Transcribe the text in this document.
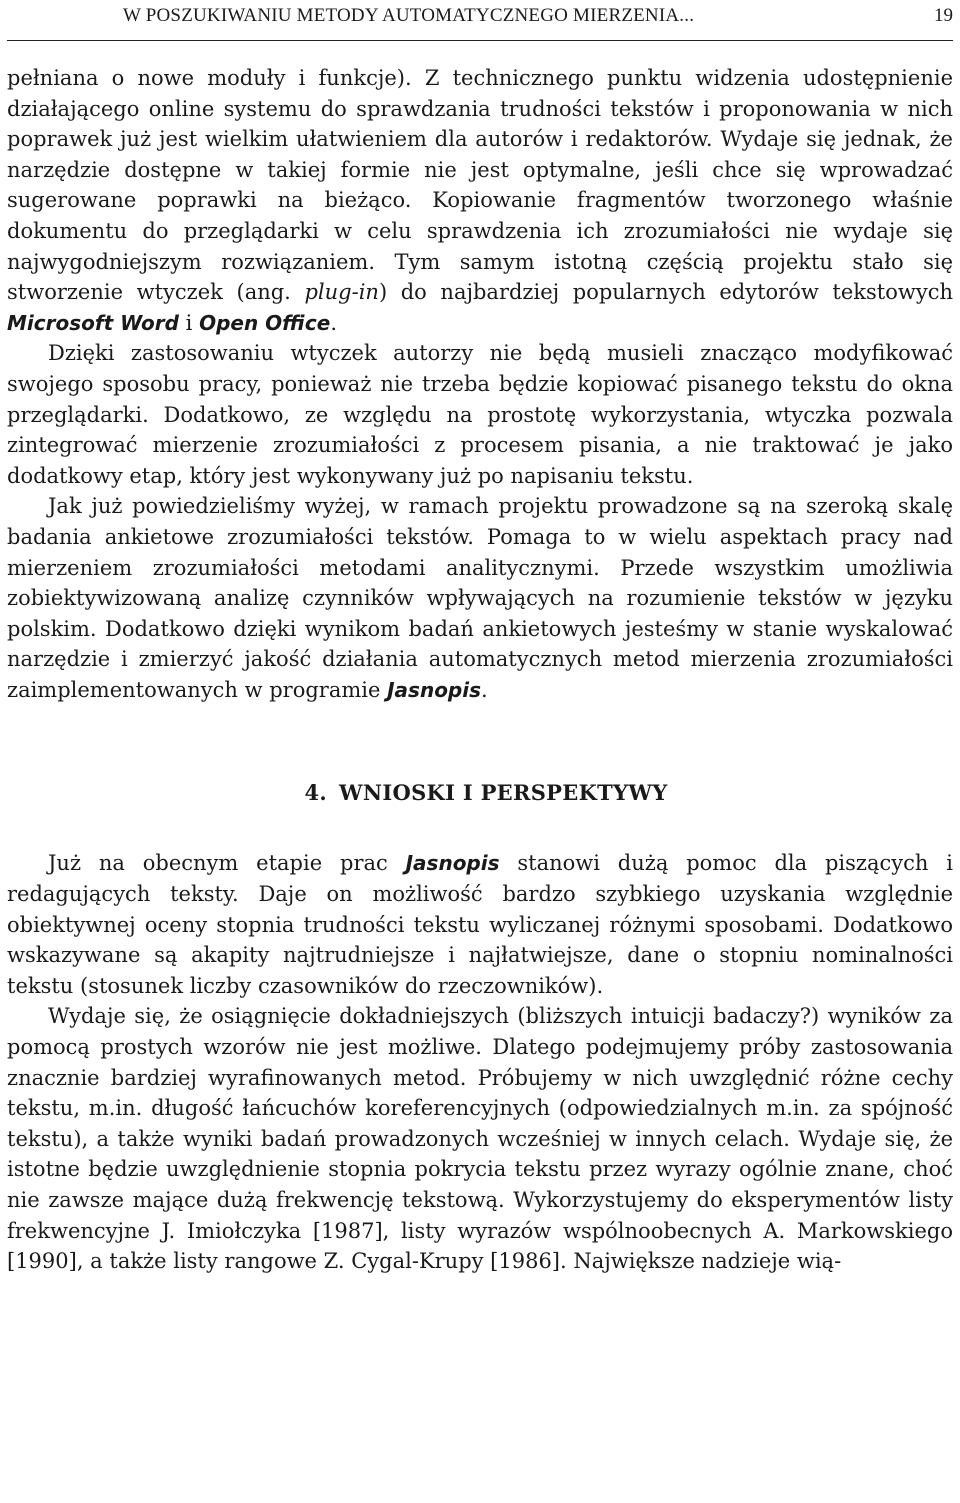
W POSZUKIWANIU METODY AUTOMATYCZNEGO MIERZENIA...	19

pełniana o nowe moduły i funkcje). Z technicznego punktu widzenia udostępnienie działającego online systemu do sprawdzania trudności tekstów i proponowania w nich poprawek już jest wielkim ułatwieniem dla autorów i redaktorów. Wydaje się jednak, że narzędzie dostępne w takiej formie nie jest optymalne, jeśli chce się wprowadzać sugerowane poprawki na bieżąco. Kopiowanie fragmentów tworzonego właśnie dokumentu do przeglądarki w celu sprawdzenia ich zrozumiałości nie wydaje się najwygodniejszym rozwiązaniem. Tym samym istotną częścią projektu stało się stworzenie wtyczek (ang. plug-in) do najbardziej popularnych edytorów tekstowych Microsoft Word i Open Office.

Dzięki zastosowaniu wtyczek autorzy nie będą musieli znacząco modyfikować swojego sposobu pracy, ponieważ nie trzeba będzie kopiować pisanego tekstu do okna przeglądarki. Dodatkowo, ze względu na prostotę wykorzystania, wtyczka pozwala zintegrować mierzenie zrozumiałości z procesem pisania, a nie traktować je jako dodatkowy etap, który jest wykonywany już po napisaniu tekstu.

Jak już powiedzieliśmy wyżej, w ramach projektu prowadzone są na szeroką skalę badania ankietowe zrozumiałości tekstów. Pomaga to w wielu aspektach pracy nad mierzeniem zrozumiałości metodami analitycznymi. Przede wszystkim umożliwia zobiektywizowaną analizę czynników wpływających na rozumienie tekstów w języku polskim. Dodatkowo dzięki wynikom badań ankietowych jesteśmy w stanie wyskalować narzędzie i zmierzyć jakość działania automatycznych metod mierzenia zrozumiałości zaimplementowanych w programie Jasnopis.

4. WNIOSKI I PERSPEKTYWY

Już na obecnym etapie prac Jasnopis stanowi dużą pomoc dla piszących i redagujących teksty. Daje on możliwość bardzo szybkiego uzyskania względnie obiektywnej oceny stopnia trudności tekstu wyliczanej różnymi sposobami. Dodatkowo wskazywane są akapity najtrudniejsze i najłatwiejsze, dane o stopniu nominalności tekstu (stosunek liczby czasowników do rzeczowników).

Wydaje się, że osiągnięcie dokładniejszych (bliższych intuicji badaczy?) wyników za pomocą prostych wzorów nie jest możliwe. Dlatego podejmujemy próby zastosowania znacznie bardziej wyrafinowanych metod. Próbujemy w nich uwzględnić różne cechy tekstu, m.in. długość łańcuchów koreferencyjnych (odpowiedzialnych m.in. za spójność tekstu), a także wyniki badań prowadzonych wcześniej w innych celach. Wydaje się, że istotne będzie uwzględnienie stopnia pokrycia tekstu przez wyrazy ogólnie znane, choć nie zawsze mające dużą frekwencję tekstową. Wykorzystujemy do eksperymentów listy frekwencyjne J. Imiołczyka [1987], listy wyrazów wspólnoobecnych A. Markowskiego [1990], a także listy rangowe Z. Cygal-Krupy [1986]. Największe nadzieje wią-
